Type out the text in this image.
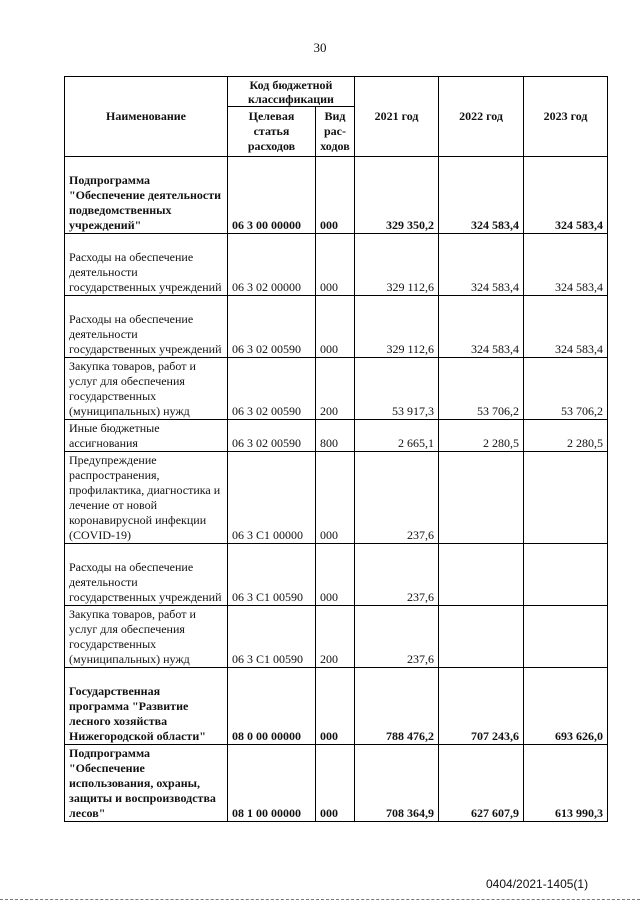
30
Наименование	Код бюджетной классификации		2021 год	2022 год	2023 год
	Целевая статья расходов	Вид рас-ходов			
Подпрограмма "Обеспечение деятельности подведомственных учреждений"	06 3 00 00000	000	329 350,2	324 583,4	324 583,4
Расходы на обеспечение деятельности государственных учреждений	06 3 02 00000	000	329 112,6	324 583,4	324 583,4
Расходы на обеспечение деятельности государственных учреждений	06 3 02 00590	000	329 112,6	324 583,4	324 583,4
Закупка товаров, работ и услуг для обеспечения государственных (муниципальных) нужд	06 3 02 00590	200	53 917,3	53 706,2	53 706,2
Иные бюджетные ассигнования	06 3 02 00590	800	2 665,1	2 280,5	2 280,5
Предупреждение распространения, профилактика, диагностика и лечение от новой коронавирусной инфекции (COVID-19)	06 3 C1 00000	000	237,6		
Расходы на обеспечение деятельности государственных учреждений	06 3 C1 00590	000	237,6		
Закупка товаров, работ и услуг для обеспечения государственных (муниципальных) нужд	06 3 C1 00590	200	237,6		
Государственная программа "Развитие лесного хозяйства Нижегородской области"	08 0 00 00000	000	788 476,2	707 243,6	693 626,0
Подпрограмма "Обеспечение использования, охраны, защиты и воспроизводства лесов"	08 1 00 00000	000	708 364,9	627 607,9	613 990,3
0404/2021-1405(1)
